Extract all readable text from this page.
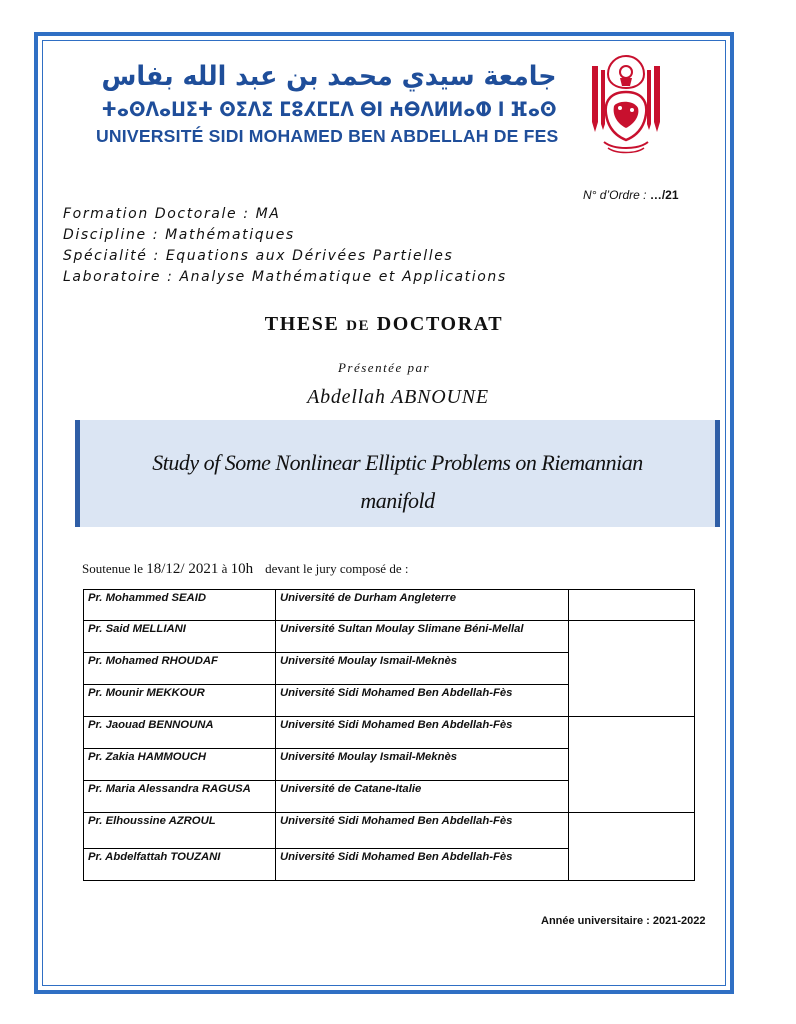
جامعة سيدي محمد بن عبد الله بفاس
ⵜⴰⵙⴷⴰⵡⵉⵜ ⵙⵉⴷⵉ ⵎⵓⵃⵎⵎⴷ ⴱⵏ ⵄⴱⴷⵍⵍⴰⵀ ⵏ ⴼⴰⵙ
UNIVERSITÉ SIDI MOHAMED BEN ABDELLAH DE FES
N° d’Ordre : …/21
Formation Doctorale : MA
Discipline : Mathématiques
Spécialité : Equations aux Dérivées Partielles
Laboratoire : Analyse Mathématique et Applications
THESE DE DOCTORAT
Présentée par
Abdellah ABNOUNE
Study of Some Nonlinear Elliptic Problems on Riemannian
manifold
Soutenue le 18/12/ 2021 à 10h devant le jury composé de :
Pr. Mohammed SEAID	Université de Durham Angleterre	

Pr. Said MELLIANI	Université Sultan Moulay Slimane Béni-Mellal	

Pr. Mohamed RHOUDAF	Université Moulay Ismail-Meknès	

Pr. Mounir MEKKOUR	Université Sidi Mohamed Ben Abdellah-Fès	

Pr. Jaouad BENNOUNA	Université Sidi Mohamed Ben Abdellah-Fès	

Pr. Zakia HAMMOUCH	Université Moulay Ismail-Meknès	

Pr. Maria Alessandra RAGUSA	Université de Catane-Italie	

Pr. Elhoussine AZROUL	Université Sidi Mohamed Ben Abdellah-Fès	

Pr. Abdelfattah TOUZANI	Université Sidi Mohamed Ben Abdellah-Fès	
Année universitaire : 2021-2022
